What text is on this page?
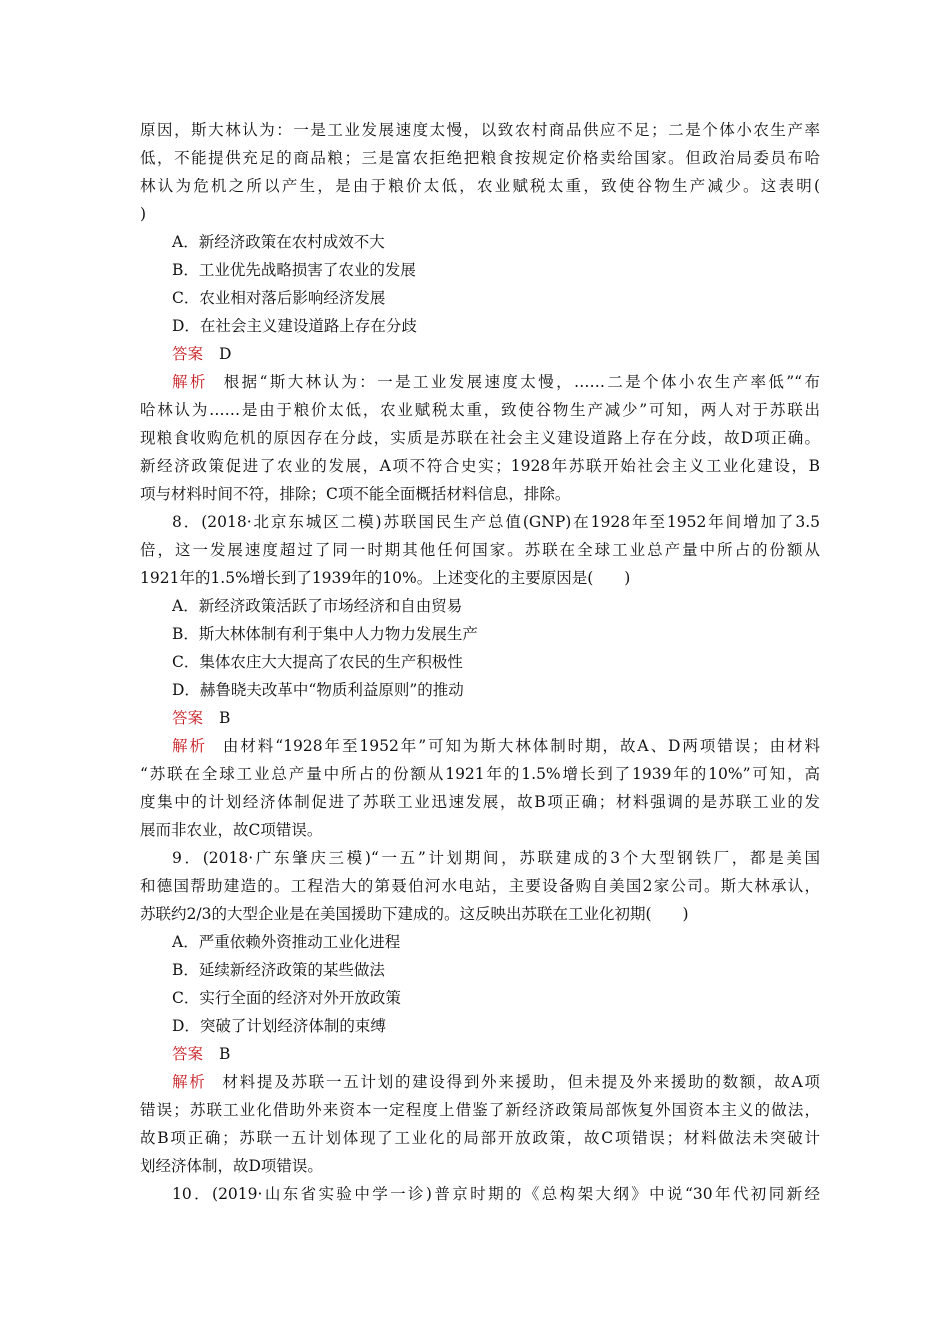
原因，斯大林认为：一是工业发展速度太慢，以致农村商品供应不足；二是个体小农生产率
低，不能提供充足的商品粮；三是富农拒绝把粮食按规定价格卖给国家。但政治局委员布哈
林认为危机之所以产生，是由于粮价太低，农业赋税太重，致使谷物生产减少。这表明(
)
A．新经济政策在农村成效不大
B．工业优先战略损害了农业的发展
C．农业相对落后影响经济发展
D．在社会主义建设道路上存在分歧
答案 D
解析 根据“斯大林认为：一是工业发展速度太慢，……二是个体小农生产率低”“布
哈林认为……是由于粮价太低，农业赋税太重，致使谷物生产减少”可知，两人对于苏联出
现粮食收购危机的原因存在分歧，实质是苏联在社会主义建设道路上存在分歧，故D项正确。
新经济政策促进了农业的发展，A项不符合史实；1928年苏联开始社会主义工业化建设，B
项与材料时间不符，排除；C项不能全面概括材料信息，排除。
8．(2018·北京东城区二模)苏联国民生产总值(GNP)在1928年至1952年间增加了3.5
倍，这一发展速度超过了同一时期其他任何国家。苏联在全球工业总产量中所占的份额从
1921年的1.5%增长到了1939年的10%。上述变化的主要原因是(　　)
A．新经济政策活跃了市场经济和自由贸易
B．斯大林体制有利于集中人力物力发展生产
C．集体农庄大大提高了农民的生产积极性
D．赫鲁晓夫改革中“物质利益原则”的推动
答案 B
解析 由材料“1928年至1952年”可知为斯大林体制时期，故A、D两项错误；由材料
“苏联在全球工业总产量中所占的份额从1921年的1.5%增长到了1939年的10%”可知，高
度集中的计划经济体制促进了苏联工业迅速发展，故B项正确；材料强调的是苏联工业的发
展而非农业，故C项错误。
9．(2018·广东肇庆三模)“一五”计划期间，苏联建成的3个大型钢铁厂，都是美国
和德国帮助建造的。工程浩大的第聂伯河水电站，主要设备购自美国2家公司。斯大林承认，
苏联约2/3的大型企业是在美国援助下建成的。这反映出苏联在工业化初期(　　)
A．严重依赖外资推动工业化进程
B．延续新经济政策的某些做法
C．实行全面的经济对外开放政策
D．突破了计划经济体制的束缚
答案 B
解析 材料提及苏联一五计划的建设得到外来援助，但未提及外来援助的数额，故A项
错误；苏联工业化借助外来资本一定程度上借鉴了新经济政策局部恢复外国资本主义的做法，
故B项正确；苏联一五计划体现了工业化的局部开放政策，故C项错误；材料做法未突破计
划经济体制，故D项错误。
10．(2019·山东省实验中学一诊)普京时期的《总构架大纲》中说“30年代初同新经
